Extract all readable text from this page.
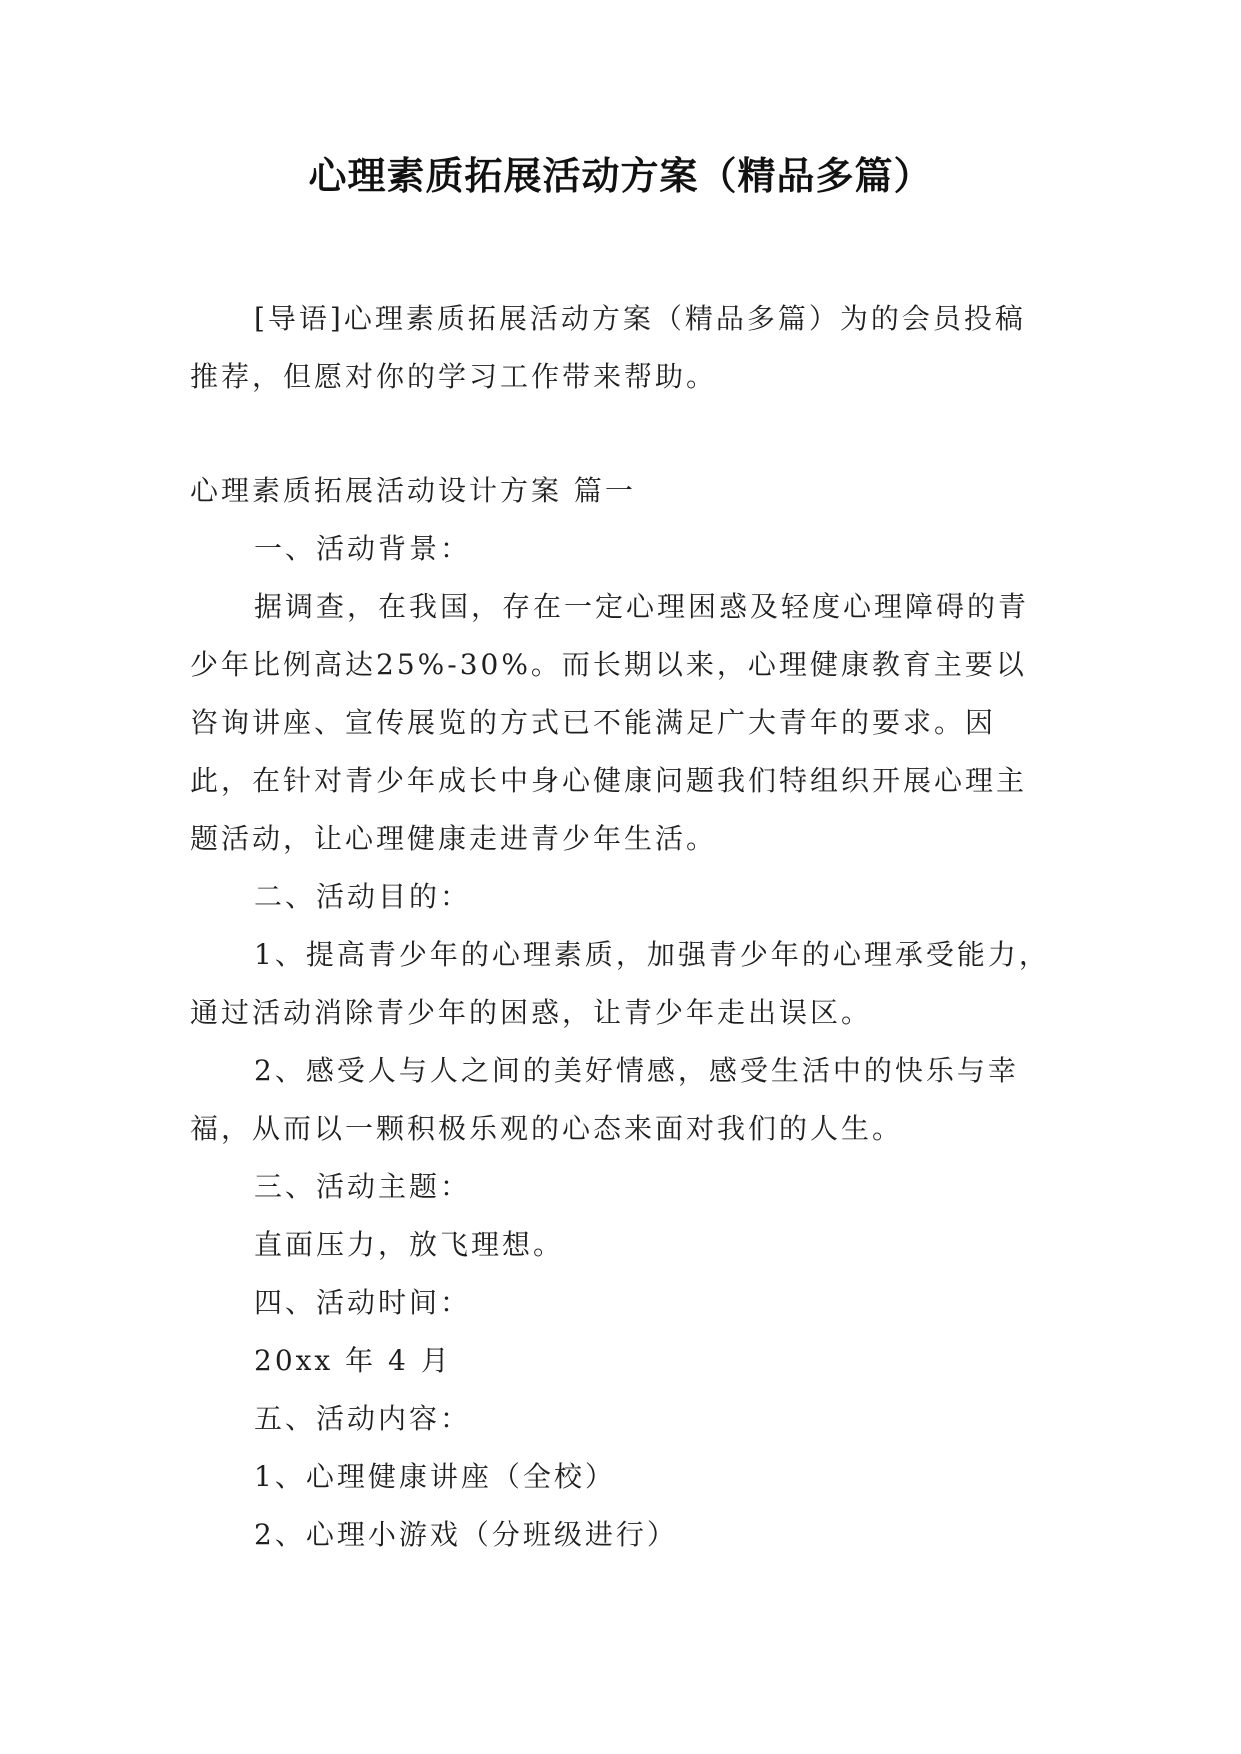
心理素质拓展活动方案（精品多篇）

[导语]心理素质拓展活动方案（精品多篇）为的会员投稿推荐，但愿对你的学习工作带来帮助。

心理素质拓展活动设计方案 篇一

一、活动背景：

据调查，在我国，存在一定心理困惑及轻度心理障碍的青少年比例高达25%-30%。而长期以来，心理健康教育主要以咨询讲座、宣传展览的方式已不能满足广大青年的要求。因此，在针对青少年成长中身心健康问题我们特组织开展心理主题活动，让心理健康走进青少年生活。

二、活动目的：

1、提高青少年的心理素质，加强青少年的心理承受能力，通过活动消除青少年的困惑，让青少年走出误区。

2、感受人与人之间的美好情感，感受生活中的快乐与幸福，从而以一颗积极乐观的心态来面对我们的人生。

三、活动主题：

直面压力，放飞理想。

四、活动时间：

20xx 年 4 月

五、活动内容：

1、心理健康讲座（全校）

2、心理小游戏（分班级进行）
